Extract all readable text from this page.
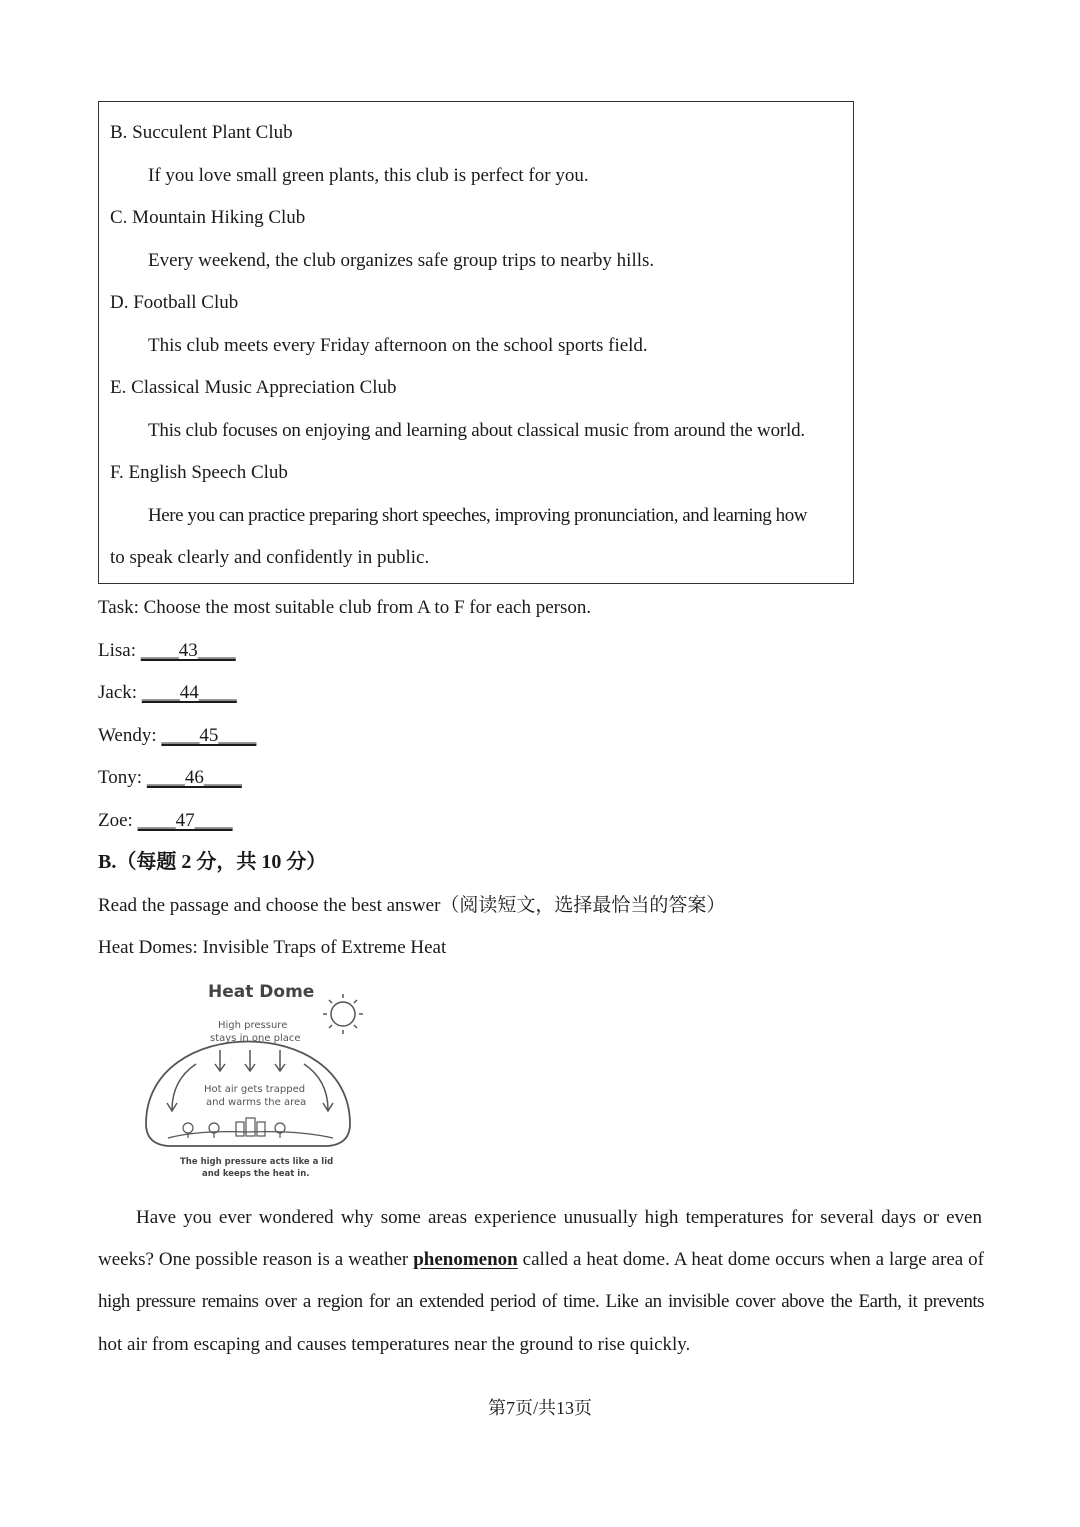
B. Succulent Plant Club
If you love small green plants, this club is perfect for you.
C. Mountain Hiking Club
Every weekend, the club organizes safe group trips to nearby hills.
D. Football Club
This club meets every Friday afternoon on the school sports field.
E. Classical Music Appreciation Club
This club focuses on enjoying and learning about classical music from around the world.
F. English Speech Club
Here you can practice preparing short speeches, improving pronunciation, and learning how
to speak clearly and confidently in public.
Task: Choose the most suitable club from A to F for each person.
Lisa: ____43____
Jack: ____44____
Wendy: ____45____
Tony: ____46____
Zoe: ____47____
B.（每题 2 分，共 10 分）
Read the passage and choose the best answer（阅读短文，选择最恰当的答案）
Heat Domes: Invisible Traps of Extreme Heat
Heat Dome
High pressure
stays in one place
Hot air gets trapped
and warms the area
The high pressure acts like a lid
and keeps the heat in.
Have you ever wondered why some areas experience unusually high temperatures for several days or even
weeks? One possible reason is a weather phenomenon called a heat dome. A heat dome occurs when a large area of
high pressure remains over a region for an extended period of time. Like an invisible cover above the Earth, it prevents
hot air from escaping and causes temperatures near the ground to rise quickly.
第7页/共13页
